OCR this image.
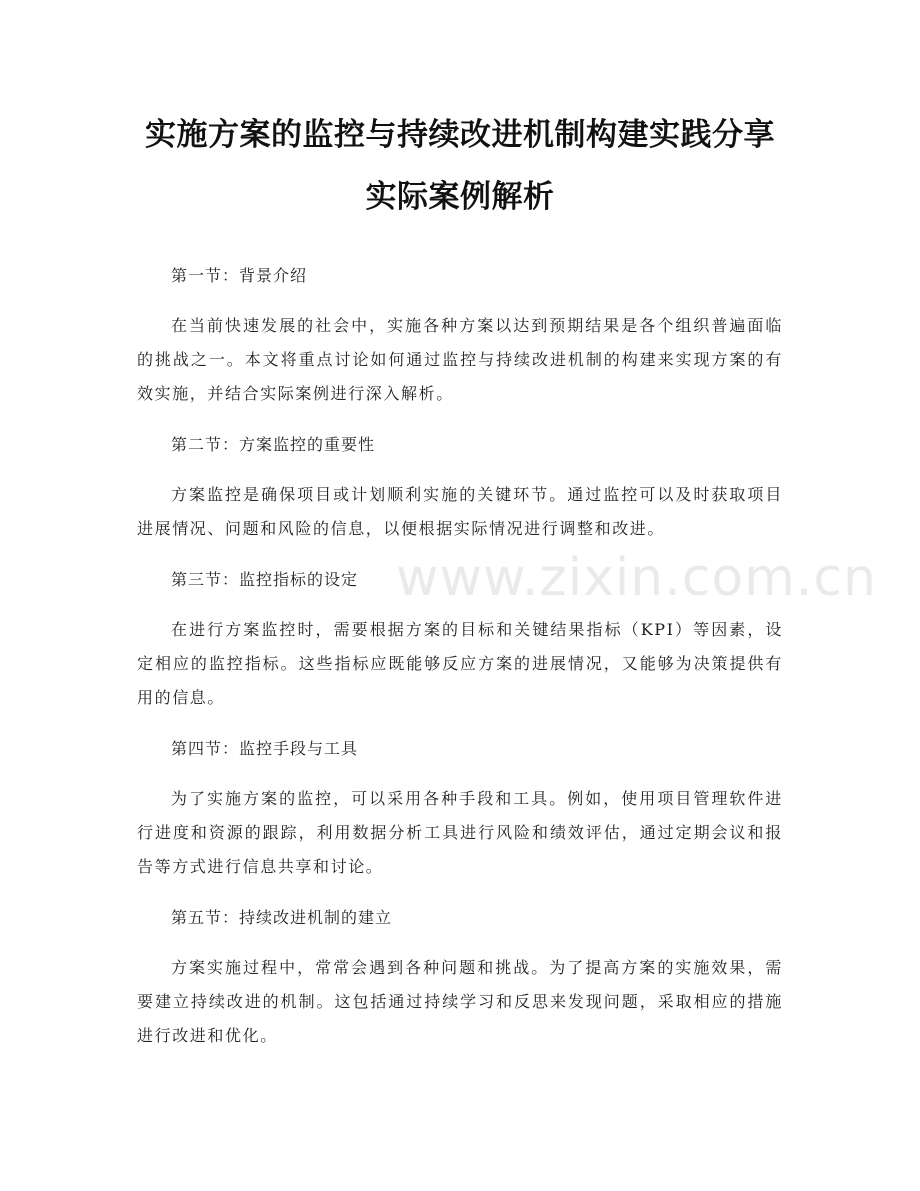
实施方案的监控与持续改进机制构建实践分享实际案例解析

第一节：背景介绍

在当前快速发展的社会中，实施各种方案以达到预期结果是各个组织普遍面临的挑战之一。本文将重点讨论如何通过监控与持续改进机制的构建来实现方案的有效实施，并结合实际案例进行深入解析。

第二节：方案监控的重要性

方案监控是确保项目或计划顺利实施的关键环节。通过监控可以及时获取项目进展情况、问题和风险的信息，以便根据实际情况进行调整和改进。

第三节：监控指标的设定

在进行方案监控时，需要根据方案的目标和关键结果指标（KPI）等因素，设定相应的监控指标。这些指标应既能够反应方案的进展情况，又能够为决策提供有用的信息。

第四节：监控手段与工具

为了实施方案的监控，可以采用各种手段和工具。例如，使用项目管理软件进行进度和资源的跟踪，利用数据分析工具进行风险和绩效评估，通过定期会议和报告等方式进行信息共享和讨论。

第五节：持续改进机制的建立

方案实施过程中，常常会遇到各种问题和挑战。为了提高方案的实施效果，需要建立持续改进的机制。这包括通过持续学习和反思来发现问题，采取相应的措施进行改进和优化。

www.zixin.com.cn
